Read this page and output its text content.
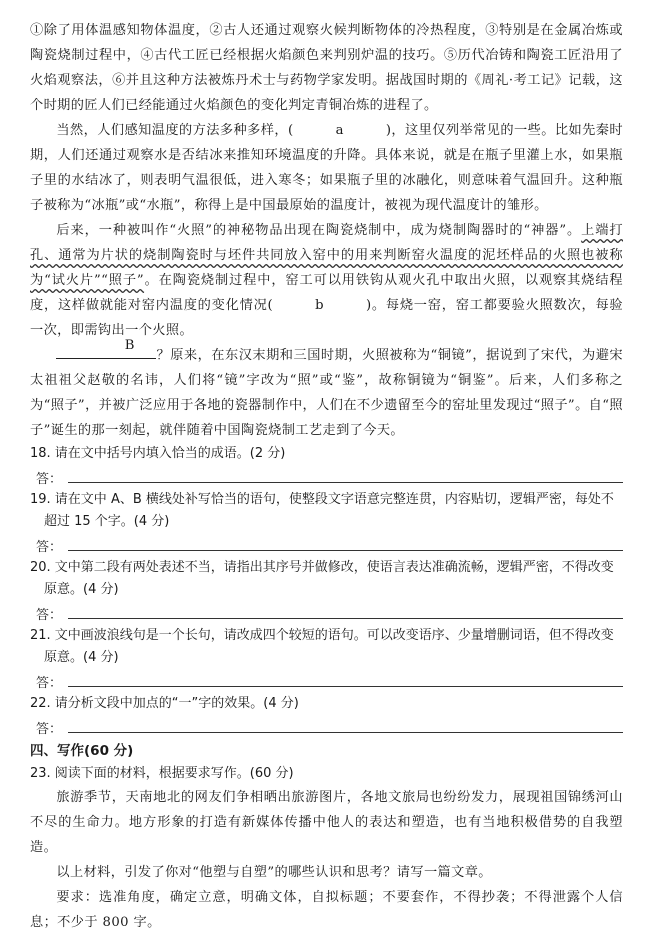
①除了用体温感知物体温度，②古人还通过观察火候判断物体的冷热程度，③特别是在金属冶炼或陶瓷烧制过程中，④古代工匠已经根据火焰颜色来判别炉温的技巧。⑤历代冶铸和陶瓷工匠沿用了火焰观察法，⑥并且这种方法被炼丹术士与药物学家发明。据战国时期的《周礼·考工记》记载，这个时期的匠人们已经能通过火焰颜色的变化判定青铜冶炼的进程了。

当然，人们感知温度的方法多种多样，(	a	)，这里仅列举常见的一些。比如先秦时期，人们还通过观察水是否结冰来推知环境温度的升降。具体来说，就是在瓶子里灌上水，如果瓶子里的水结冰了，则表明气温很低，进入寒冬；如果瓶子里的冰融化，则意味着气温回升。这种瓶子被称为“冰瓶”或“水瓶”，称得上是中国最原始的温度计，被视为现代温度计的雏形。

后来，一种被叫作“火照”的神秘物品出现在陶瓷烧制中，成为烧制陶器时的“神器”。上端打孔、通常为片状的烧制陶瓷时与坯件共同放入窑中的用来判断窑火温度的泥坯样品的火照也被称为“试火片”“照子”。在陶瓷烧制过程中，窑工可以用铁钩从观火孔中取出火照，以观察其烧结程度，这样做就能对窑内温度的变化情况(	b	)。每烧一窑，窑工都要验火照数次，每验一次，即需钩出一个火照。

B
？原来，在东汉末期和三国时期，火照被称为“铜镜”，据说到了宋代，为避宋太祖祖父赵敬的名讳，人们将“镜”字改为“照”或“鉴”，故称铜镜为“铜鉴”。后来，人们多称之为“照子”，并被广泛应用于各地的瓷器制作中，人们在不少遗留至今的窑址里发现过“照子”。自“照子”诞生的那一刻起，就伴随着中国陶瓷烧制工艺走到了今天。

18. 请在文中括号内填入恰当的成语。(2 分)

答：

19. 请在文中 A、B 横线处补写恰当的语句，使整段文字语意完整连贯，内容贴切，逻辑严密，每处不超过 15 个字。(4 分)

答：

20. 文中第二段有两处表述不当，请指出其序号并做修改，使语言表达准确流畅，逻辑严密，不得改变原意。(4 分)

答：

21. 文中画波浪线句是一个长句，请改成四个较短的语句。可以改变语序、少量增删词语，但不得改变原意。(4 分)

答：

22. 请分析文段中加点的“一”字的效果。(4 分)

答：

四、写作(60 分)

23. 阅读下面的材料，根据要求写作。(60 分)

旅游季节，天南地北的网友们争相晒出旅游图片，各地文旅局也纷纷发力，展现祖国锦绣河山不尽的生命力。地方形象的打造有新媒体传播中他人的表达和塑造，也有当地积极借势的自我塑造。

以上材料，引发了你对“他塑与自塑”的哪些认识和思考？请写一篇文章。

要求：选准角度，确定立意，明确文体，自拟标题；不要套作，不得抄袭；不得泄露个人信息；不少于 800 字。
